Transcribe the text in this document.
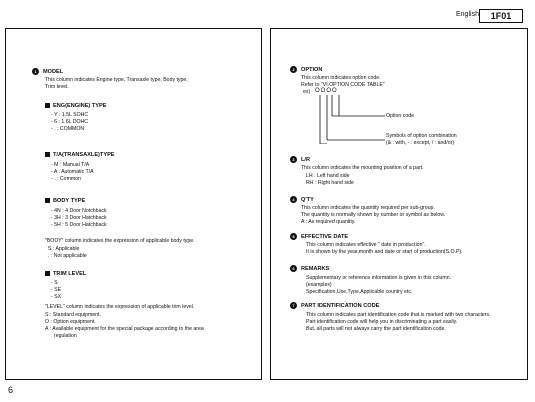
English	1F01
1 MODEL
This column indicates Engine type, Transaxle type, Body type,
Trim level.
ENG(ENGINE) TYPE
- Y : 1.5L SOHC
- 6 : 1.6L DOHC
- . : COMMON
T/A(TRANSAXLE)TYPE
- M : Manual T/A
- A : Automatic T/A
- . : Common
BODY TYPE
- 4N : 4 Door Notchback
- 3H : 3 Door Hatchback
- 5H : 5 Door Hatchback
"BODY" column indicates the expression of applicable body type.
S : Applicable
. : Not applicable
TRIM LEVEL
- S
- SE
- SX
"LEVEL" column indicates the expression of applicable trim level.
S : Standard equipment.
O : Option equipment.
A : Available equipment for the special package according to the area
regulation
2 OPTION
This column indicates option code.
Refer to "VI.OPTION CODE TABLE"
ex) OOOO
Option code
Symbols of option combination
(& : with, - : except, / : and/or)
3 L/R
This column indicates the mounting position of a part.
LH : Left hand side
RH : Right hand side
4 Q'TY
This column indicates the quantity required per sub-group.
The quantity is normally shown by number or symbol as below.
A : As required quantity.
5 EFFECTIVE DATE
This column indicates effective " date in production".
It is shown by the year,month and date or start of production(S.O.P).
6 REMARKS
Supplementary or reference information is given in this column.
(examples)
Specification,Use,Type,Applicable country etc.
7 PART IDENTIFICATION CODE
This column indicates part identification code that is marked with two characters.
Part identification code will help you in discriminating a part easily.
But, all parts will not always carry the part identification code.
6
